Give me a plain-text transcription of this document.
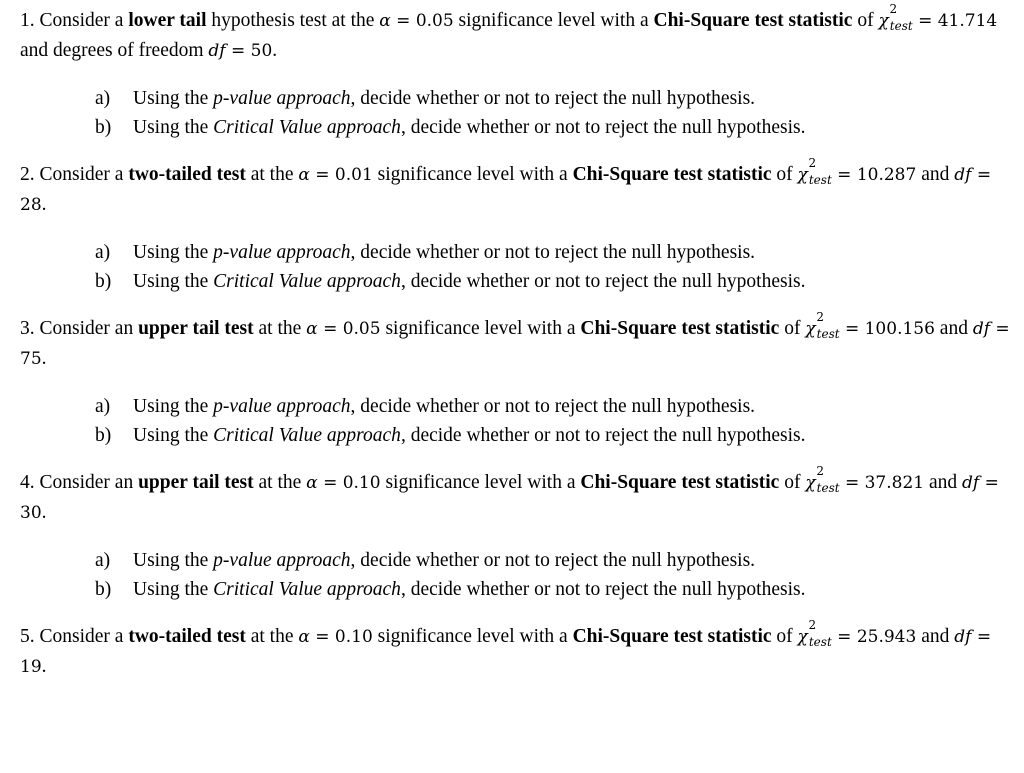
1. Consider a lower tail hypothesis test at the α = 0.05 significance level with a Chi-Square test statistic of χ
2
$_{test}$ = 41.714 and degrees of freedom df = 50.

a) Using the p-value approach, decide whether or not to reject the null hypothesis.
b) Using the Critical Value approach, decide whether or not to reject the null hypothesis.

2. Consider a two-tailed test at the α = 0.01 significance level with a Chi-Square test statistic of χ
2
$_{test}$ = 10.287 and df = 28.

a) Using the p-value approach, decide whether or not to reject the null hypothesis.
b) Using the Critical Value approach, decide whether or not to reject the null hypothesis.

3. Consider an upper tail test at the α = 0.05 significance level with a Chi-Square test statistic of χ
2
$_{test}$ = 100.156 and df = 75.

a) Using the p-value approach, decide whether or not to reject the null hypothesis.
b) Using the Critical Value approach, decide whether or not to reject the null hypothesis.

4. Consider an upper tail test at the α = 0.10 significance level with a Chi-Square test statistic of χ
2
$_{test}$ = 37.821 and df = 30.

a) Using the p-value approach, decide whether or not to reject the null hypothesis.
b) Using the Critical Value approach, decide whether or not to reject the null hypothesis.

5. Consider a two-tailed test at the α = 0.10 significance level with a Chi-Square test statistic of χ
2
$_{test}$ = 25.943 and df = 19.
